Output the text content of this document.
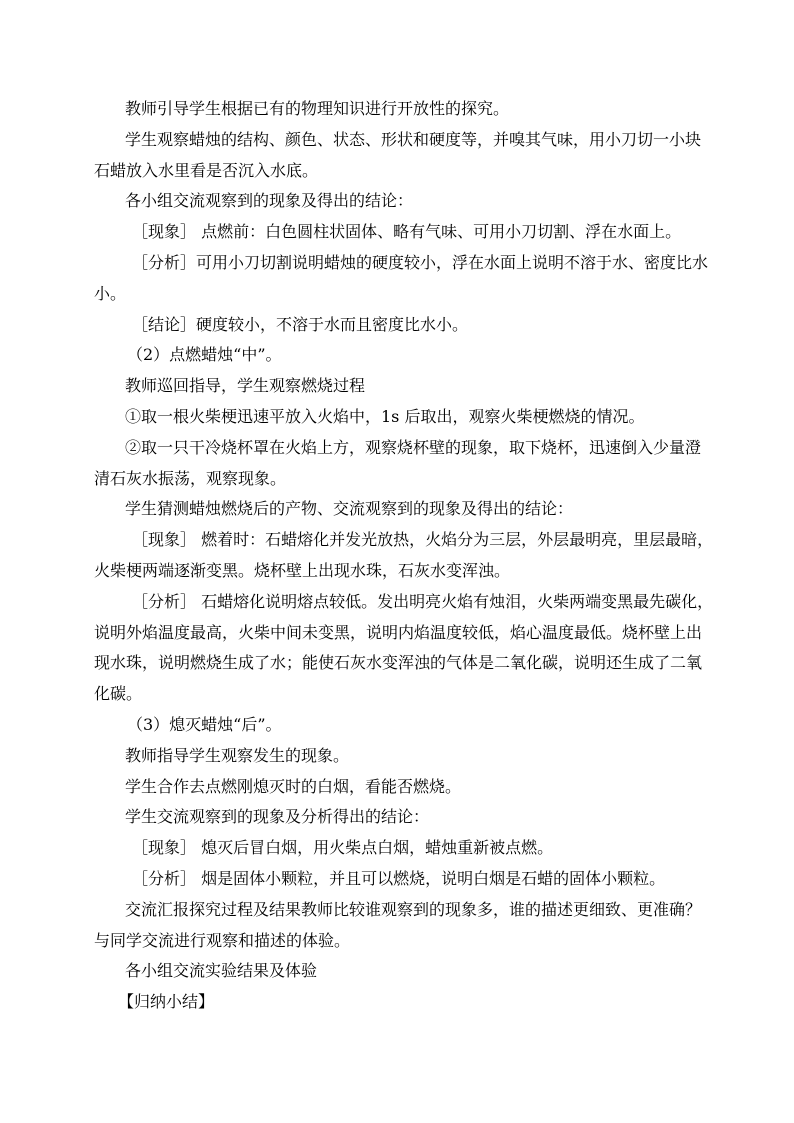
教师引导学生根据已有的物理知识进行开放性的探究。

学生观察蜡烛的结构、颜色、状态、形状和硬度等，并嗅其气味，用小刀切一小块

石蜡放入水里看是否沉入水底。

各小组交流观察到的现象及得出的结论：

［现象］ 点燃前：白色圆柱状固体、略有气味、可用小刀切割、浮在水面上。

［分析］可用小刀切割说明蜡烛的硬度较小，浮在水面上说明不溶于水、密度比水

小。

［结论］硬度较小，不溶于水而且密度比水小。

（2）点燃蜡烛“中”。

教师巡回指导，学生观察燃烧过程

①取一根火柴梗迅速平放入火焰中，1s 后取出，观察火柴梗燃烧的情况。

②取一只干冷烧杯罩在火焰上方，观察烧杯壁的现象，取下烧杯，迅速倒入少量澄

清石灰水振荡，观察现象。

学生猜测蜡烛燃烧后的产物、交流观察到的现象及得出的结论：

［现象］ 燃着时：石蜡熔化并发光放热，火焰分为三层，外层最明亮，里层最暗，

火柴梗两端逐渐变黑。烧杯壁上出现水珠，石灰水变浑浊。

［分析］ 石蜡熔化说明熔点较低。发出明亮火焰有烛泪，火柴两端变黑最先碳化，

说明外焰温度最高，火柴中间未变黑，说明内焰温度较低，焰心温度最低。烧杯壁上出

现水珠，说明燃烧生成了水；能使石灰水变浑浊的气体是二氧化碳，说明还生成了二氧

化碳。

（3）熄灭蜡烛“后”。

教师指导学生观察发生的现象。

学生合作去点燃刚熄灭时的白烟，看能否燃烧。

学生交流观察到的现象及分析得出的结论：

［现象］ 熄灭后冒白烟，用火柴点白烟，蜡烛重新被点燃。

［分析］ 烟是固体小颗粒，并且可以燃烧，说明白烟是石蜡的固体小颗粒。

交流汇报探究过程及结果教师比较谁观察到的现象多，谁的描述更细致、更准确？

与同学交流进行观察和描述的体验。

各小组交流实验结果及体验

【归纳小结】
